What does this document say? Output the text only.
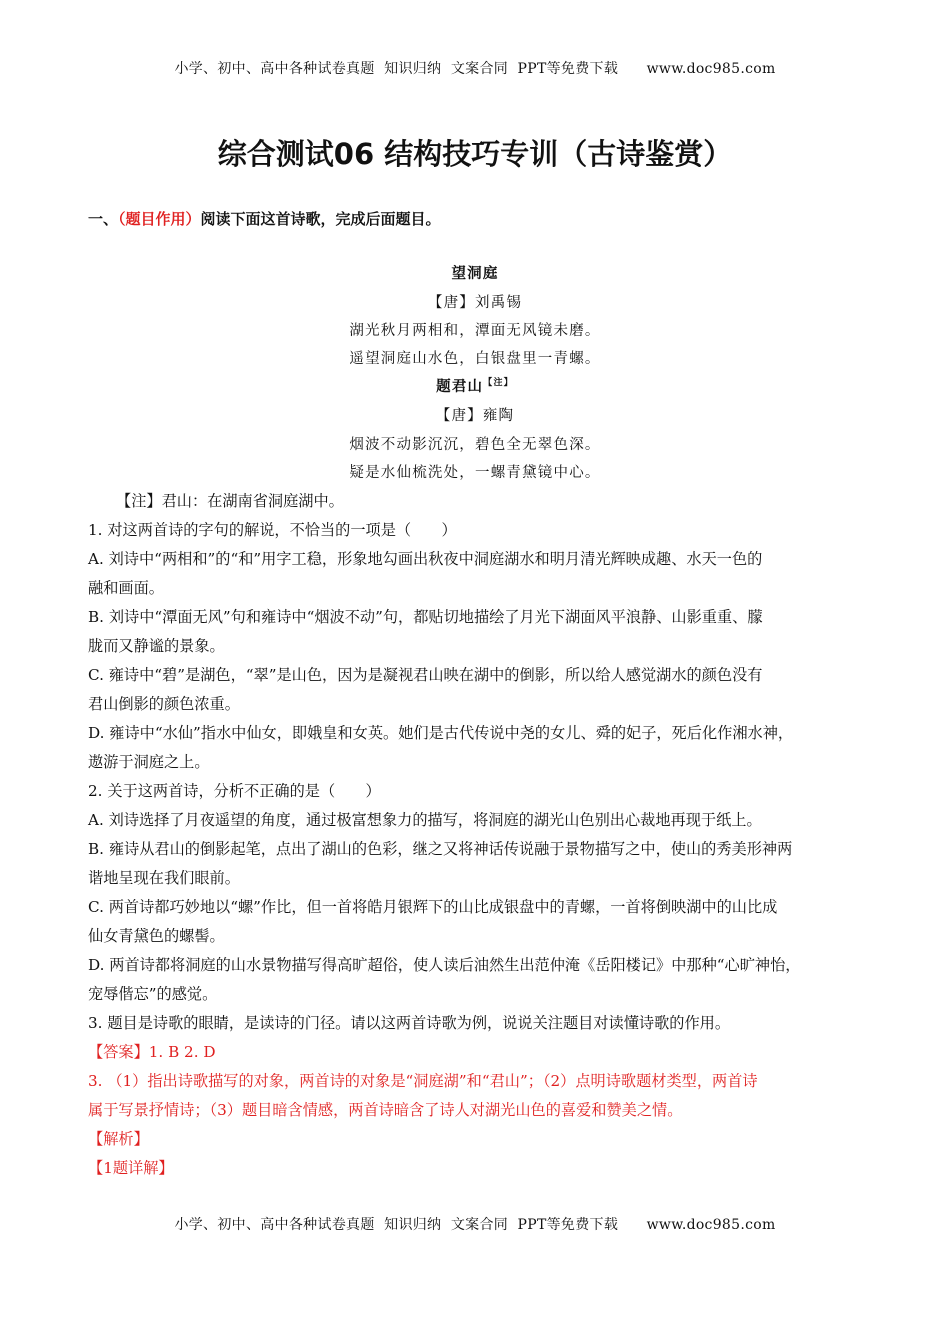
小学、初中、高中各种试卷真题  知识归纳  文案合同  PPT等免费下载      www.doc985.com
综合测试06 结构技巧专训（古诗鉴赏）
一、（题目作用）阅读下面这首诗歌，完成后面题目。
望洞庭
【唐】刘禹锡
湖光秋月两相和，潭面无风镜未磨。
遥望洞庭山水色，白银盘里一青螺。
题君山$^{【注】}$
【唐】雍陶
烟波不动影沉沉，碧色全无翠色深。
疑是水仙梳洗处，一螺青黛镜中心。
【注】君山：在湖南省洞庭湖中。
1. 对这两首诗的字句的解说，不恰当的一项是（　　）
A. 刘诗中“两相和”的“和”用字工稳，形象地勾画出秋夜中洞庭湖水和明月清光辉映成趣、水天一色的
融和画面。
B. 刘诗中“潭面无风”句和雍诗中“烟波不动”句，都贴切地描绘了月光下湖面风平浪静、山影重重、朦
胧而又静谧的景象。
C. 雍诗中“碧”是湖色，“翠”是山色，因为是凝视君山映在湖中的倒影，所以给人感觉湖水的颜色没有
君山倒影的颜色浓重。
D. 雍诗中“水仙”指水中仙女，即娥皇和女英。她们是古代传说中尧的女儿、舜的妃子，死后化作湘水神，
遨游于洞庭之上。
2. 关于这两首诗，分析不正确的是（　　）
A. 刘诗选择了月夜遥望的角度，通过极富想象力的描写，将洞庭的湖光山色别出心裁地再现于纸上。
B. 雍诗从君山的倒影起笔，点出了湖山的色彩，继之又将神话传说融于景物描写之中，使山的秀美形神两
谐地呈现在我们眼前。
C. 两首诗都巧妙地以“螺”作比，但一首将皓月银辉下的山比成银盘中的青螺，一首将倒映湖中的山比成
仙女青黛色的螺髻。
D. 两首诗都将洞庭的山水景物描写得高旷超俗，使人读后油然生出范仲淹《岳阳楼记》中那种“心旷神怡，
宠辱偕忘”的感觉。
3. 题目是诗歌的眼睛，是读诗的门径。请以这两首诗歌为例，说说关注题目对读懂诗歌的作用。
【答案】1. B 2. D
3. （1）指出诗歌描写的对象，两首诗的对象是“洞庭湖”和“君山”；（2）点明诗歌题材类型，两首诗
属于写景抒情诗；（3）题目暗含情感，两首诗暗含了诗人对湖光山色的喜爱和赞美之情。
【解析】
【1题详解】
小学、初中、高中各种试卷真题  知识归纳  文案合同  PPT等免费下载      www.doc985.com
